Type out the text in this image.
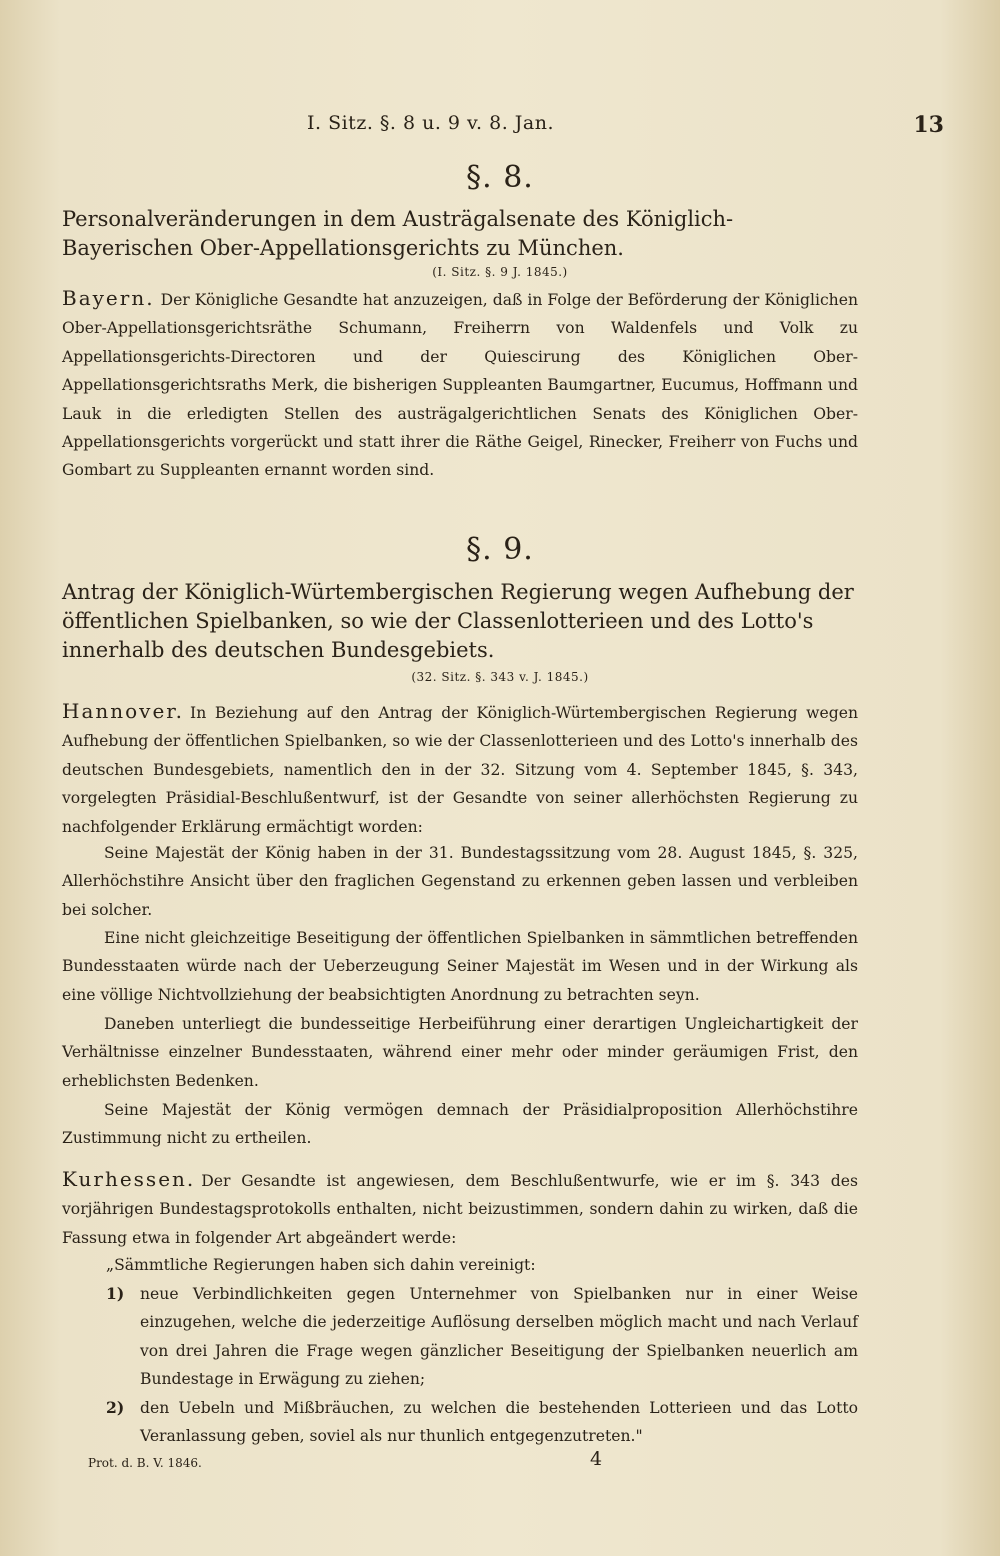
I. Sitz. §. 8 u. 9 v. 8. Jan.	13
§. 8.
Personalveränderungen in dem Austrägalsenate des Königlich-Bayerischen Ober-Appellationsgerichts zu München.
(I. Sitz. §. 9 J. 1845.)
Bayern. Der Königliche Gesandte hat anzuzeigen, daß in Folge der Beförderung der Königlichen Ober-Appellationsgerichtsräthe Schumann, Freiherrn von Waldenfels und Volk zu Appellationsgerichts-Directoren und der Quiescirung des Königlichen Ober-Appellationsgerichtsraths Merk, die bisherigen Suppleanten Baumgartner, Eucumus, Hoffmann und Lauk in die erledigten Stellen des austrägalgerichtlichen Senats des Königlichen Ober-Appellationsgerichts vorgerückt und statt ihrer die Räthe Geigel, Rinecker, Freiherr von Fuchs und Gombart zu Suppleanten ernannt worden sind.
§. 9.
Antrag der Königlich-Würtembergischen Regierung wegen Aufhebung der öffentlichen Spielbanken, so wie der Classenlotterieen und des Lotto's innerhalb des deutschen Bundesgebiets.
(32. Sitz. §. 343 v. J. 1845.)
Hannover. In Beziehung auf den Antrag der Königlich-Würtembergischen Regierung wegen Aufhebung der öffentlichen Spielbanken, so wie der Classenlotterieen und des Lotto's innerhalb des deutschen Bundesgebiets, namentlich den in der 32. Sitzung vom 4. September 1845, §. 343, vorgelegten Präsidial-Beschlußentwurf, ist der Gesandte von seiner allerhöchsten Regierung zu nachfolgender Erklärung ermächtigt worden:
Seine Majestät der König haben in der 31. Bundestagssitzung vom 28. August 1845, §. 325, Allerhöchstihre Ansicht über den fraglichen Gegenstand zu erkennen geben lassen und verbleiben bei solcher.
Eine nicht gleichzeitige Beseitigung der öffentlichen Spielbanken in sämmtlichen betreffenden Bundesstaaten würde nach der Ueberzeugung Seiner Majestät im Wesen und in der Wirkung als eine völlige Nichtvollziehung der beabsichtigten Anordnung zu betrachten seyn.
Daneben unterliegt die bundesseitige Herbeiführung einer derartigen Ungleichartigkeit der Verhältnisse einzelner Bundesstaaten, während einer mehr oder minder geräumigen Frist, den erheblichsten Bedenken.
Seine Majestät der König vermögen demnach der Präsidialproposition Allerhöchstihre Zustimmung nicht zu ertheilen.
Kurhessen. Der Gesandte ist angewiesen, dem Beschlußentwurfe, wie er im §. 343 des vorjährigen Bundestagsprotokolls enthalten, nicht beizustimmen, sondern dahin zu wirken, daß die Fassung etwa in folgender Art abgeändert werde:
„Sämmtliche Regierungen haben sich dahin vereinigt:
1) neue Verbindlichkeiten gegen Unternehmer von Spielbanken nur in einer Weise einzugehen, welche die jederzeitige Auflösung derselben möglich macht und nach Verlauf von drei Jahren die Frage wegen gänzlicher Beseitigung der Spielbanken neuerlich am Bundestage in Erwägung zu ziehen;
2) den Uebeln und Mißbräuchen, zu welchen die bestehenden Lotterieen und das Lotto Veranlassung geben, soviel als nur thunlich entgegenzutreten."
Prot. d. B. V. 1846.	4
